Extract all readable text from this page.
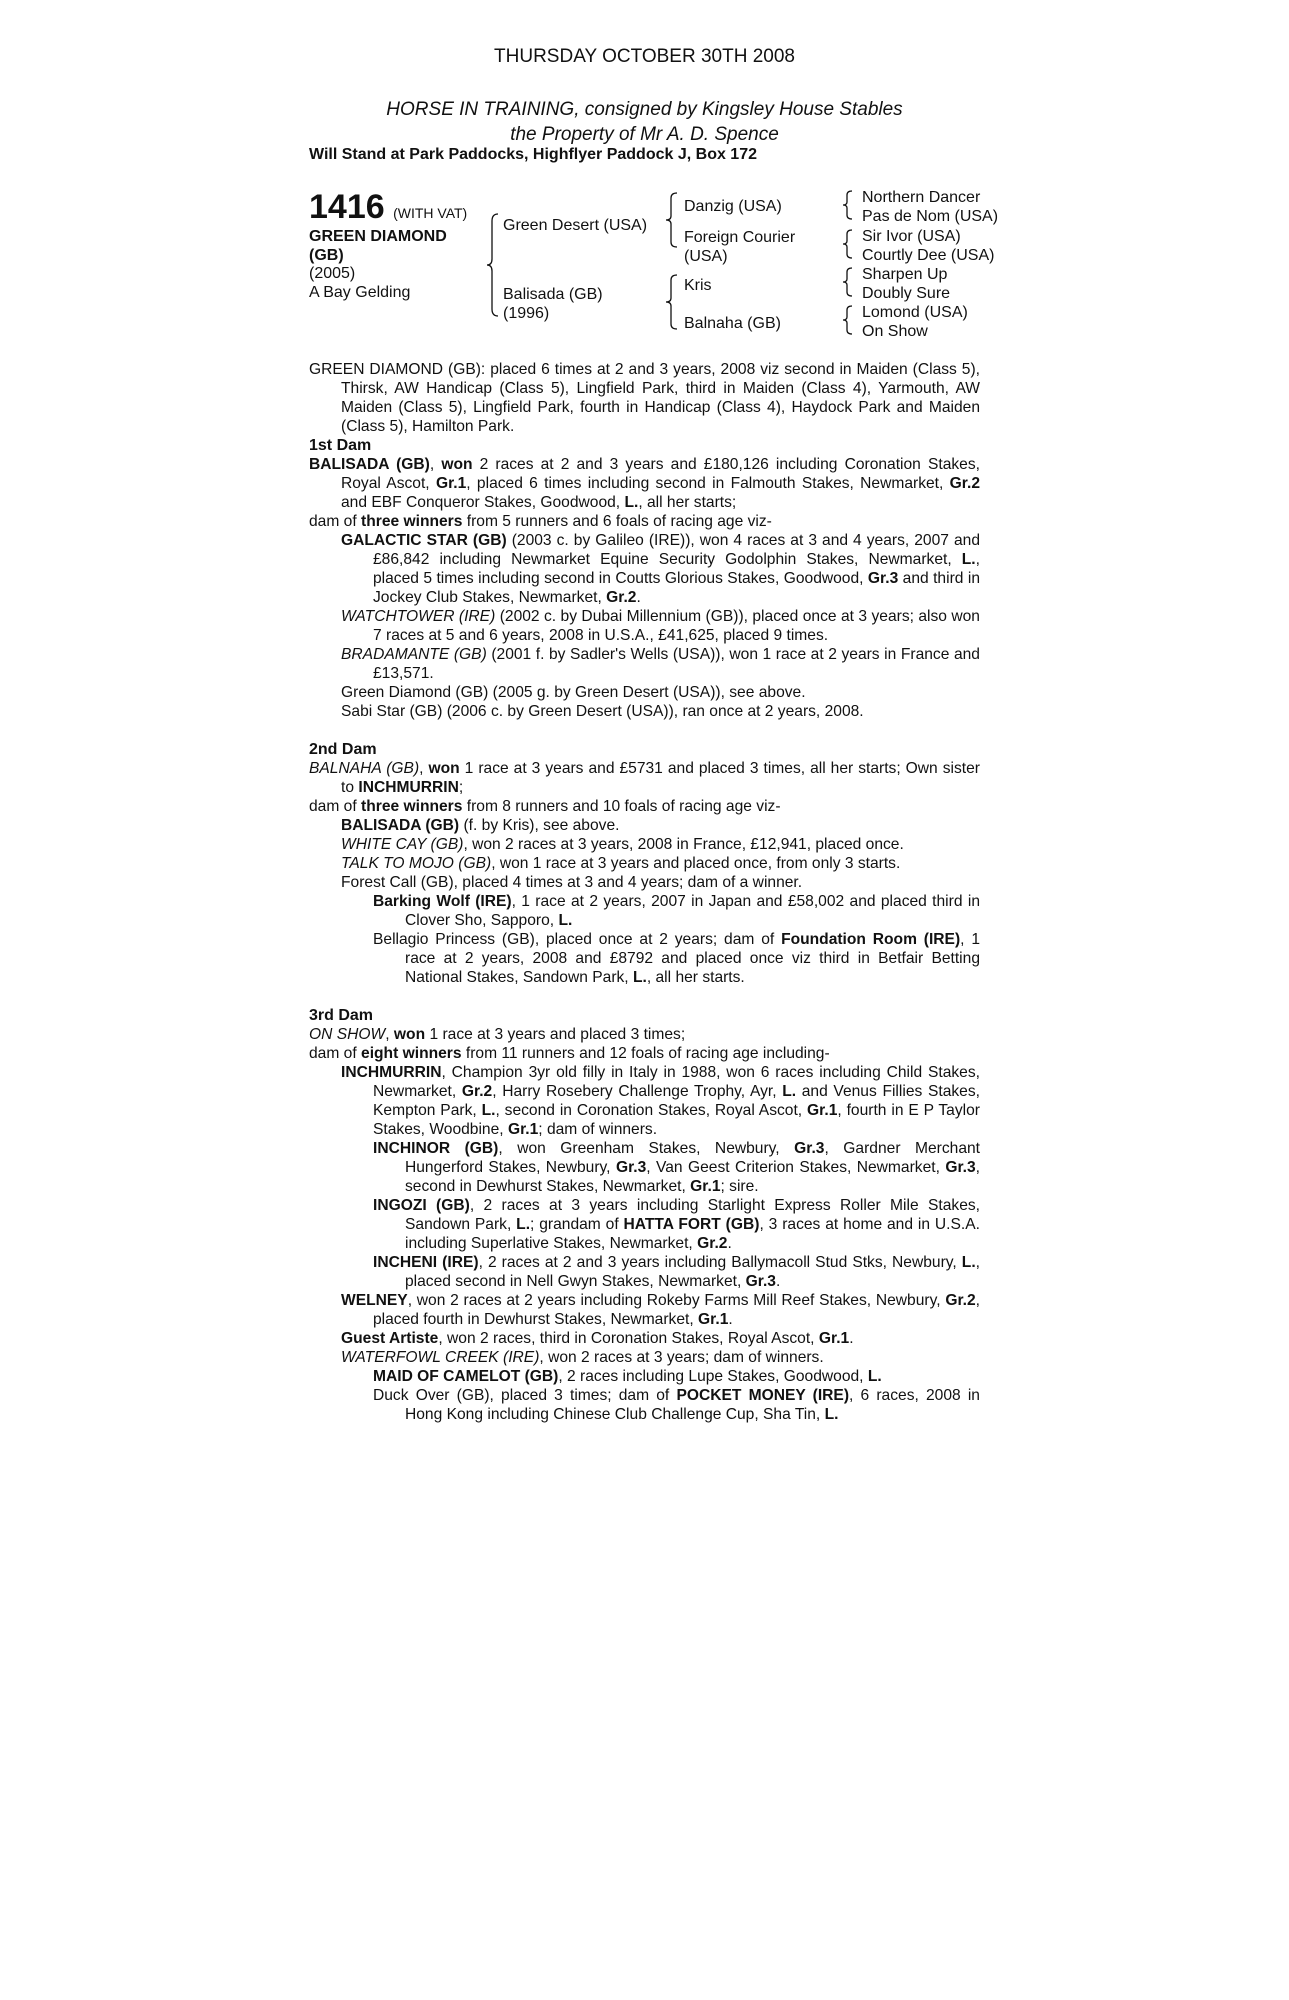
THURSDAY OCTOBER 30TH 2008
HORSE IN TRAINING, consigned by Kingsley House Stables
the Property of Mr A. D. Spence
Will Stand at Park Paddocks, Highflyer Paddock J, Box 172
1416 (WITH VAT)
GREEN DIAMOND
(GB)
(2005)
A Bay Gelding
Green Desert (USA)
Balisada (GB)
(1996)
Danzig (USA)
Foreign Courier
(USA)
Kris
Balnaha (GB)
Northern Dancer
Pas de Nom (USA)
Sir Ivor (USA)
Courtly Dee (USA)
Sharpen Up
Doubly Sure
Lomond (USA)
On Show
GREEN DIAMOND (GB): placed 6 times at 2 and 3 years, 2008 viz second in Maiden (Class 5), Thirsk, AW Handicap (Class 5), Lingfield Park, third in Maiden (Class 4), Yarmouth, AW Maiden (Class 5), Lingfield Park, fourth in Handicap (Class 4), Haydock Park and Maiden (Class 5), Hamilton Park.
1st Dam
BALISADA (GB), won 2 races at 2 and 3 years and £180,126 including Coronation Stakes, Royal Ascot, Gr.1, placed 6 times including second in Falmouth Stakes, Newmarket, Gr.2 and EBF Conqueror Stakes, Goodwood, L., all her starts;
dam of three winners from 5 runners and 6 foals of racing age viz-
GALACTIC STAR (GB) (2003 c. by Galileo (IRE)), won 4 races at 3 and 4 years, 2007 and £86,842 including Newmarket Equine Security Godolphin Stakes, Newmarket, L., placed 5 times including second in Coutts Glorious Stakes, Goodwood, Gr.3 and third in Jockey Club Stakes, Newmarket, Gr.2.
WATCHTOWER (IRE) (2002 c. by Dubai Millennium (GB)), placed once at 3 years; also won 7 races at 5 and 6 years, 2008 in U.S.A., £41,625, placed 9 times.
BRADAMANTE (GB) (2001 f. by Sadler's Wells (USA)), won 1 race at 2 years in France and £13,571.
Green Diamond (GB) (2005 g. by Green Desert (USA)), see above.
Sabi Star (GB) (2006 c. by Green Desert (USA)), ran once at 2 years, 2008.
2nd Dam
BALNAHA (GB), won 1 race at 3 years and £5731 and placed 3 times, all her starts; Own sister to INCHMURRIN;
dam of three winners from 8 runners and 10 foals of racing age viz-
BALISADA (GB) (f. by Kris), see above.
WHITE CAY (GB), won 2 races at 3 years, 2008 in France, £12,941, placed once.
TALK TO MOJO (GB), won 1 race at 3 years and placed once, from only 3 starts.
Forest Call (GB), placed 4 times at 3 and 4 years; dam of a winner.
Barking Wolf (IRE), 1 race at 2 years, 2007 in Japan and £58,002 and placed third in Clover Sho, Sapporo, L.
Bellagio Princess (GB), placed once at 2 years; dam of Foundation Room (IRE), 1 race at 2 years, 2008 and £8792 and placed once viz third in Betfair Betting National Stakes, Sandown Park, L., all her starts.
3rd Dam
ON SHOW, won 1 race at 3 years and placed 3 times;
dam of eight winners from 11 runners and 12 foals of racing age including-
INCHMURRIN, Champion 3yr old filly in Italy in 1988, won 6 races including Child Stakes, Newmarket, Gr.2, Harry Rosebery Challenge Trophy, Ayr, L. and Venus Fillies Stakes, Kempton Park, L., second in Coronation Stakes, Royal Ascot, Gr.1, fourth in E P Taylor Stakes, Woodbine, Gr.1; dam of winners.
INCHINOR (GB), won Greenham Stakes, Newbury, Gr.3, Gardner Merchant Hungerford Stakes, Newbury, Gr.3, Van Geest Criterion Stakes, Newmarket, Gr.3, second in Dewhurst Stakes, Newmarket, Gr.1; sire.
INGOZI (GB), 2 races at 3 years including Starlight Express Roller Mile Stakes, Sandown Park, L.; grandam of HATTA FORT (GB), 3 races at home and in U.S.A. including Superlative Stakes, Newmarket, Gr.2.
INCHENI (IRE), 2 races at 2 and 3 years including Ballymacoll Stud Stks, Newbury, L., placed second in Nell Gwyn Stakes, Newmarket, Gr.3.
WELNEY, won 2 races at 2 years including Rokeby Farms Mill Reef Stakes, Newbury, Gr.2, placed fourth in Dewhurst Stakes, Newmarket, Gr.1.
Guest Artiste, won 2 races, third in Coronation Stakes, Royal Ascot, Gr.1.
WATERFOWL CREEK (IRE), won 2 races at 3 years; dam of winners.
MAID OF CAMELOT (GB), 2 races including Lupe Stakes, Goodwood, L.
Duck Over (GB), placed 3 times; dam of POCKET MONEY (IRE), 6 races, 2008 in Hong Kong including Chinese Club Challenge Cup, Sha Tin, L.
